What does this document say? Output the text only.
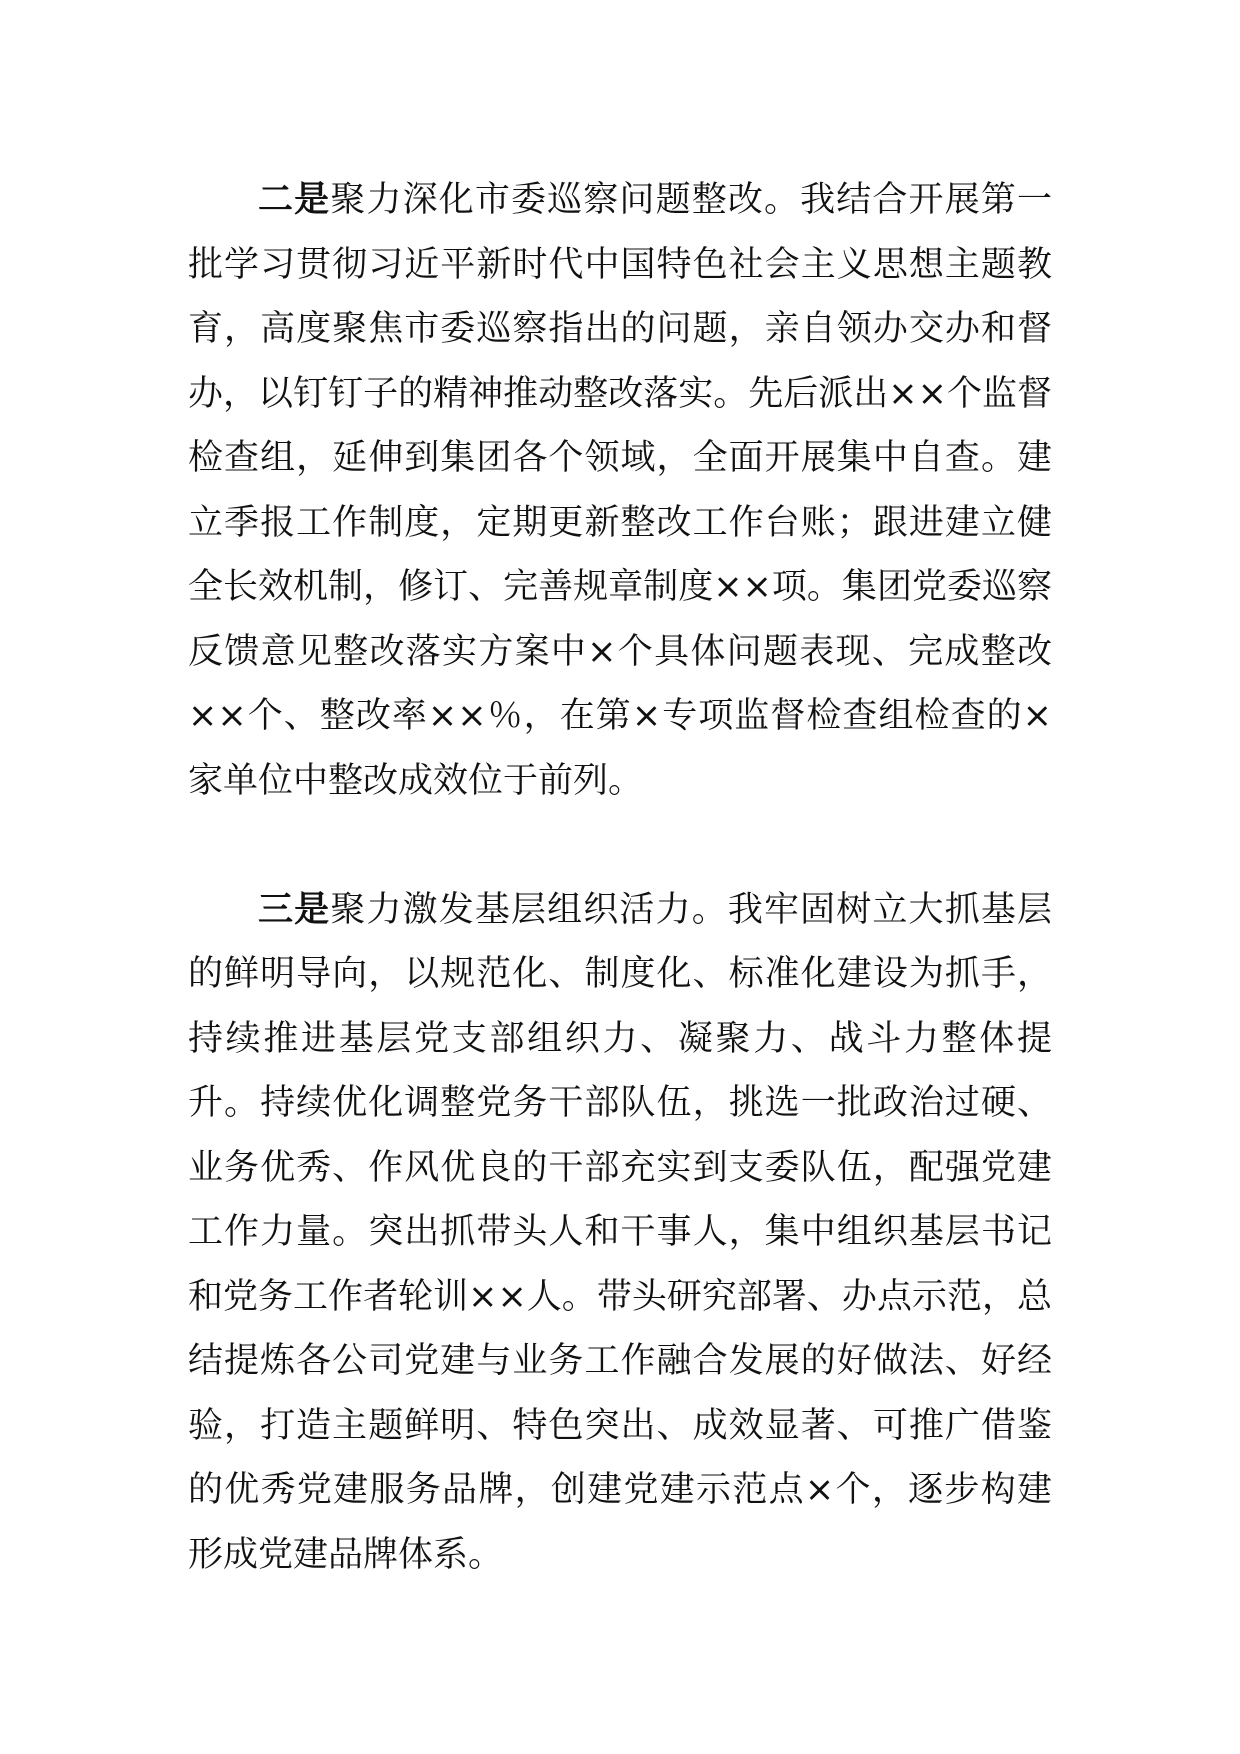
二是聚力深化市委巡察问题整改。我结合开展第一批学习贯彻习近平新时代中国特色社会主义思想主题教育，高度聚焦市委巡察指出的问题，亲自领办交办和督办，以钉钉子的精神推动整改落实。先后派出××个监督检查组，延伸到集团各个领域，全面开展集中自查。建立季报工作制度，定期更新整改工作台账；跟进建立健全长效机制，修订、完善规章制度××项。集团党委巡察反馈意见整改落实方案中×个具体问题表现、完成整改××个、整改率××％，在第×专项监督检查组检查的×家单位中整改成效位于前列。

三是聚力激发基层组织活力。我牢固树立大抓基层的鲜明导向，以规范化、制度化、标准化建设为抓手，持续推进基层党支部组织力、凝聚力、战斗力整体提升。持续优化调整党务干部队伍，挑选一批政治过硬、业务优秀、作风优良的干部充实到支委队伍，配强党建工作力量。突出抓带头人和干事人，集中组织基层书记和党务工作者轮训××人。带头研究部署、办点示范，总结提炼各公司党建与业务工作融合发展的好做法、好经验，打造主题鲜明、特色突出、成效显著、可推广借鉴的优秀党建服务品牌，创建党建示范点×个，逐步构建形成党建品牌体系。
